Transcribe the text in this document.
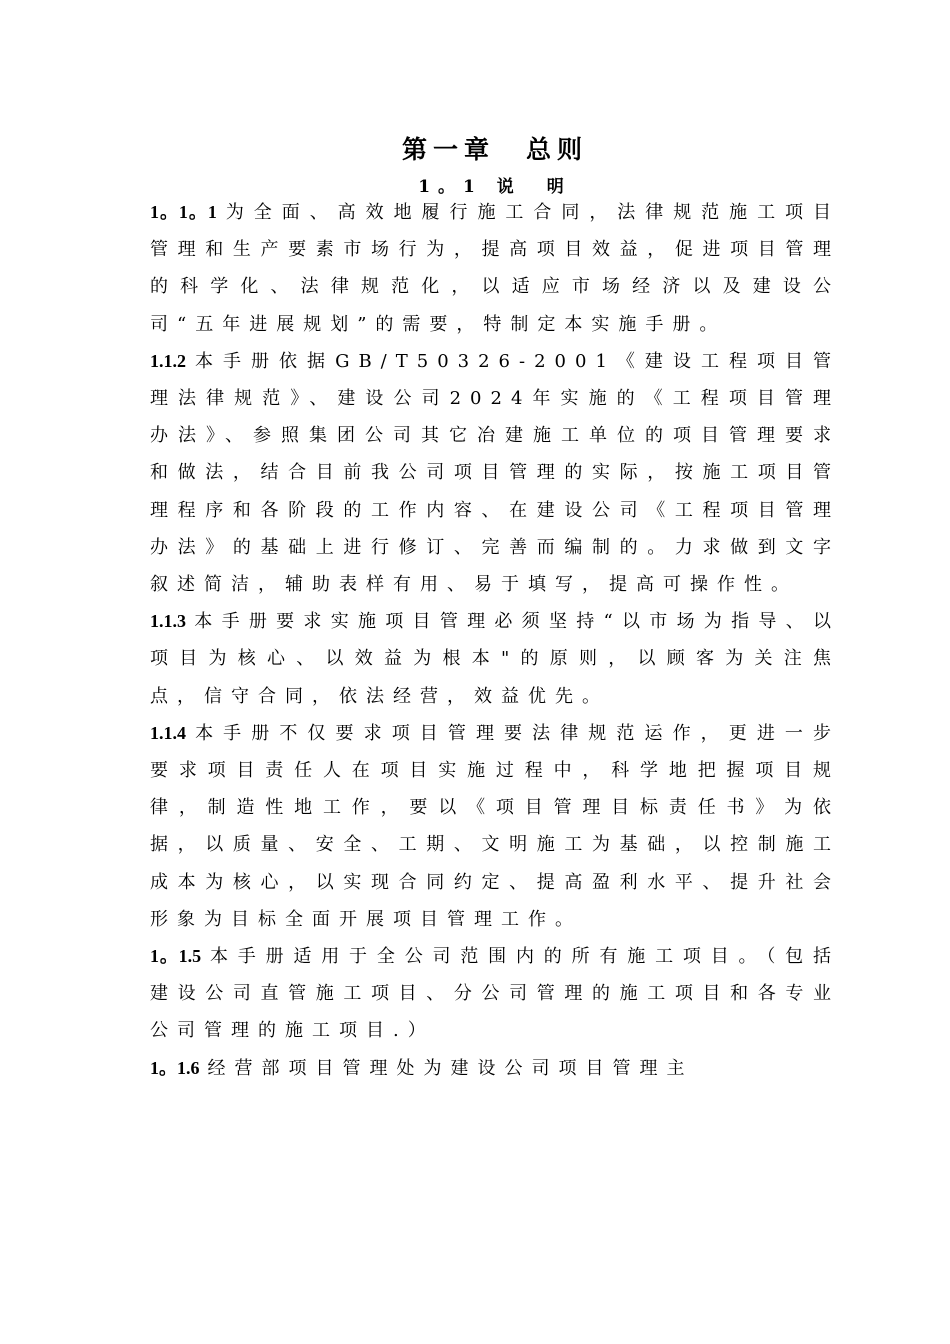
第一章　总则
1。1 说　明

1。1。1 为全面、高效地履行施工合同，法律规范施工项目管理和生产要素市场行为，提高项目效益，促进项目管理的科学化、法律规范化，以适应市场经济以及建设公司“五年进展规划”的需要，特制定本实施手册。

1.1.2 本手册依据GB/T50326-2001《建设工程项目管理法律规范》、建设公司2024年实施的《工程项目管理办法》、参照集团公司其它冶建施工单位的项目管理要求和做法，结合目前我公司项目管理的实际，按施工项目管理程序和各阶段的工作内容、在建设公司《工程项目管理办法》的基础上进行修订、完善而编制的。力求做到文字叙述简洁，辅助表样有用、易于填写，提高可操作性。

1.1.3 本手册要求实施项目管理必须坚持“以市场为指导、以项目为核心、以效益为根本"的原则，以顾客为关注焦点，信守合同，依法经营，效益优先。

1.1.4 本手册不仅要求项目管理要法律规范运作，更进一步要求项目责任人在项目实施过程中，科学地把握项目规律，制造性地工作，要以《项目管理目标责任书》为依据，以质量、安全、工期、文明施工为基础，以控制施工成本为核心，以实现合同约定、提高盈利水平、提升社会形象为目标全面开展项目管理工作。

1。1.5 本手册适用于全公司范围内的所有施工项目。（包括建设公司直管施工项目、分公司管理的施工项目和各专业公司管理的施工项目.）

1。1.6 经营部项目管理处为建设公司项目管理主
